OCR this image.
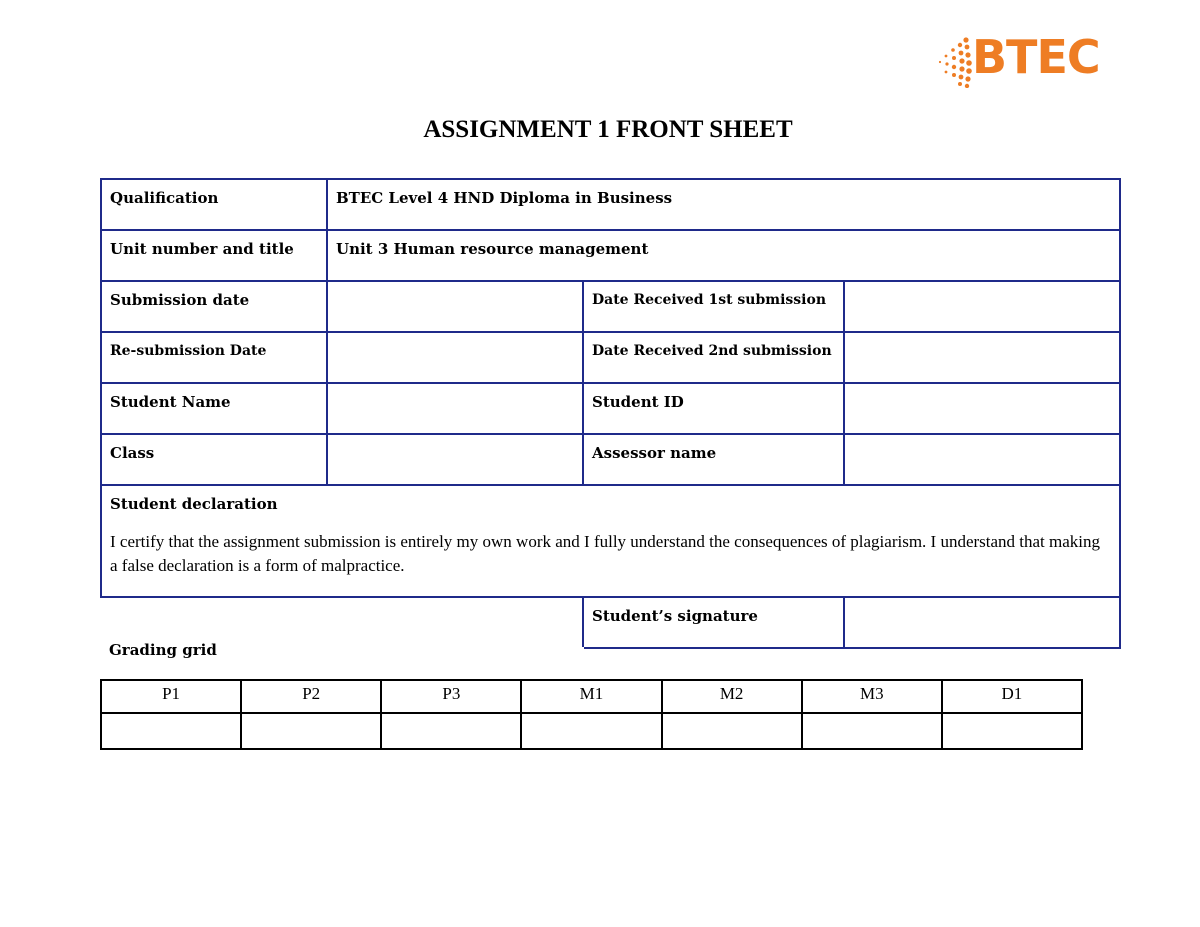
BTEC
ASSIGNMENT 1 FRONT SHEET
Qualification	BTEC Level 4 HND Diploma in Business		
Unit number and title	Unit 3 Human resource management		
Submission date		Date Received 1st submission	
Re-submission Date		Date Received 2nd submission	
Student Name		Student ID	
Class		Assessor name	

Student declaration
I certify that the assignment submission is entirely my own work and I fully understand the consequences of plagiarism. I understand that making a false declaration is a form of malpractice.			

		Student’s signature	
Grading grid
P1	P2	P3	M1	M2	M3	D1
